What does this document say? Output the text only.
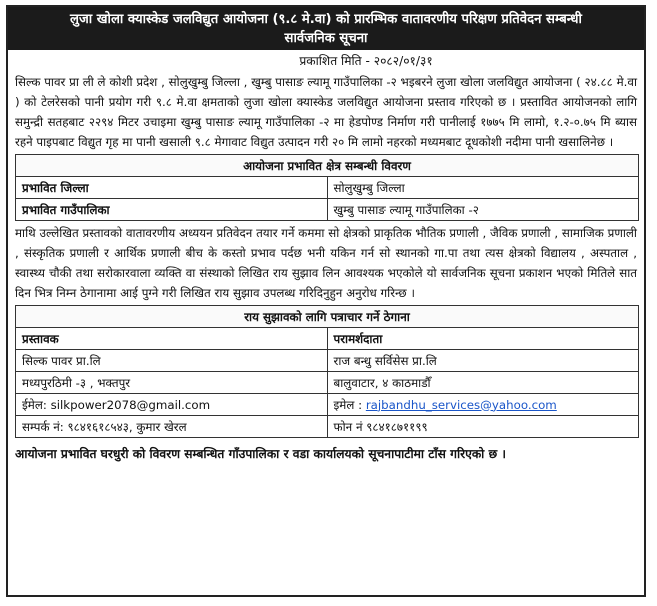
लुजा खोला क्यास्केड जलविद्युत आयोजना (९.८ मे.वा) को प्रारम्भिक वातावरणीय परिक्षण प्रतिवेदन सम्बन्धी
सार्वजनिक सूचना
प्रकाशित मिति - २०८२/०१/३१

सिल्क पावर प्रा ली ले कोशी प्रदेश , सोलुखुम्बु जिल्ला , खुम्बु पासाङ ल्यामू गाउँपालिका -२ भइबरने लुजा खोला जलविद्युत आयोजना ( २४.८८ मे.वा ) को टेलरेसको पानी प्रयोग गरी ९.८ मे.वा क्षमताको लुजा खोला क्यास्केड जलविद्युत आयोजना प्रस्ताव गरिएको छ । प्रस्तावित आयोजनको लागि समुन्द्री सतहबाट २२९४ मिटर उचाइमा खुम्बु पासाङ ल्यामू गाउँपालिका -२ मा हेडपोण्ड निर्माण गरी पानीलाई १७७५ मि लामो, १.२-०.७५ मि ब्यास रहने पाइपबाट विद्युत गृह मा पानी खसाली ९.८ मेगावाट विद्युत उत्पादन गरी २० मि लामो नहरको मध्यमबाट दूधकोशी नदीमा पानी खसालिनेछ ।

आयोजना प्रभावित क्षेत्र सम्बन्धी विवरण	
प्रभावित जिल्ला	सोलुखुम्बु जिल्ला
प्रभावित गाउँपालिका	खुम्बु पासाङ ल्यामू गाउँपालिका -२

माथि उल्लेखित प्रस्तावको वातावरणीय अध्ययन प्रतिवेदन तयार गर्ने कममा सो क्षेत्रको प्राकृतिक भौतिक प्रणाली , जैविक प्रणाली , सामाजिक प्रणाली , संस्कृतिक प्रणाली र आर्थिक प्रणाली बीच के कस्तो प्रभाव पर्दछ भनी यकिन गर्न सो स्थानको गा.पा तथा त्यस क्षेत्रको विद्यालय , अस्पताल , स्वास्थ्य चौकी तथा सरोकारवाला व्यक्ति वा संस्थाको लिखित राय सुझाव लिन आवश्यक भएकोले यो सार्वजनिक सूचना प्रकाशन भएको मितिले सात दिन भित्र निम्न ठेगानामा आई पुग्ने गरी लिखित राय सुझाव उपलब्ध गरिदिनुहुन अनुरोध गरिन्छ ।

राय सुझावको लागि पत्राचार गर्ने ठेगाना	
प्रस्तावक	परामर्शदाता
सिल्क पावर प्रा.लि	राज बन्धु सर्विसेस प्रा.लि
मध्यपुरठिमी -३ , भक्तपुर	बालुवाटार, ४ काठमाडौँ
ईमेल: silkpower2078@gmail.com	इमेल : rajbandhu_services@yahoo.com
सम्पर्क नं: ९८४१६१८५४३, कुमार खेरल	फोन नं ९८४१८७११९९
आयोजना प्रभावित घरधुरी को विवरण सम्बन्धित गाँउपालिका र वडा कार्यालयको सूचनापाटीमा टाँस गरिएको छ ।
